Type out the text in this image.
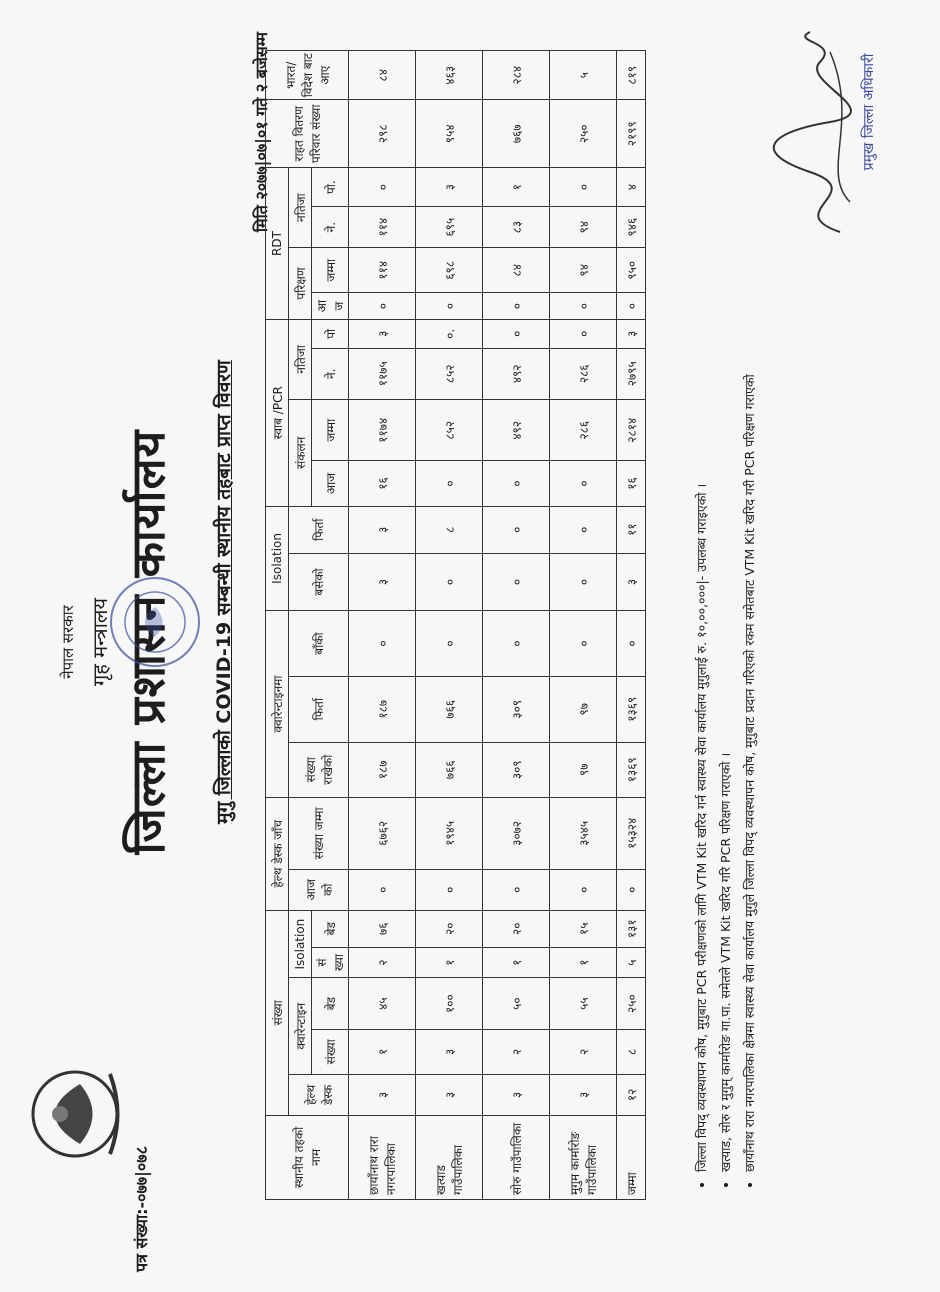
पत्र संख्या:-०७७|०७८
नेपाल सरकार गृह मन्त्रालय जिल्ला प्रशासन कार्यालय मुगु जिल्लाको COVID-19 सम्बन्धी स्थानीय तहबाट प्राप्त विवरण
मिति २०७७|०७|०१ गते २ बजेसम्म
स्थानीय तहको नाम	संख्या					हेल्थ डेस्क जाँच		क्वारेन्टाइनमा			Isolation		स्वाब /PCR				RDT				राहत वितरण परिवार संख्या	भारत/ विदेश बाट आए
	हेल्थ डेस्क	क्वारेन्टाइन		Isolation		आज को	संख्या जम्मा	संख्या राखेको	फिर्ता	बाँकी	बसेको	फिर्ता	संकलन		नतिजा		परिक्षण		नतिजा			
		संख्या	बेड	सं ख्या	बेड								आज	जम्मा	ने.	पो	आ ज	जम्मा	ने.	पो.		

छायाँनाथ रारा नगरपालिका	३	१	४५	२	७६	०	६७६२	१८७	१८७	०	३	३	१६	११७४	११७५	३	०	११४	११४	०	२९८	८४
खत्याड गाउँपालिका	३	३	१००	१	२०	०	१९४५	७६६	७६६	०	०	८	०	८५२	८५२	०.	०	६९८	६९५	३	९५४	४६३
सोरु गाउँपालिका	३	२	५०	१	२०	०	३०७२	३०९	३०९	०	०	०	०	४९२	४९२	०	०	८४	८३	१	७६७	२८४
मुगुम कार्मारोङ गाउँपालिका	३	२	५५	१	१५	०	३५४५	९७	९७	०	०	०	०	२८६	२८६	०	०	९४	९४	०	२५०	५
जम्मा	१२	८	२५०	५	१३१	०	१५३२४	१३६९	१३६९	०	३	११	१६	२८१४	२७९५	३	०	९५०	९४६	४	२१९९	८१९
• जिल्ला विपद् व्यवस्थापन कोष, मुगुबाट PCR परीक्षणको लागि VTM Kit खरिद गर्न स्वास्थ्य सेवा कार्यालय मुगुलाई रु. १०,००,०००|- उपलब्ध गराइएको । • खत्याड, सोरु र मुगुम् कार्मारोङ गा.पा. समेतले VTM Kit खरिद गरि PCR परिक्षण गराएको । • छायाँनाथ रारा नगरपालिका क्षेत्रमा स्वास्थ्य सेवा कार्यालय मुगुले जिल्ला विपद् व्यवस्थापन कोष, मुगुबाट प्रदान गरिएको रकम समेतबाट VTM Kit खरिद गरी PCR परिक्षण गराएको
प्रमुख जिल्ला अधिकारी
